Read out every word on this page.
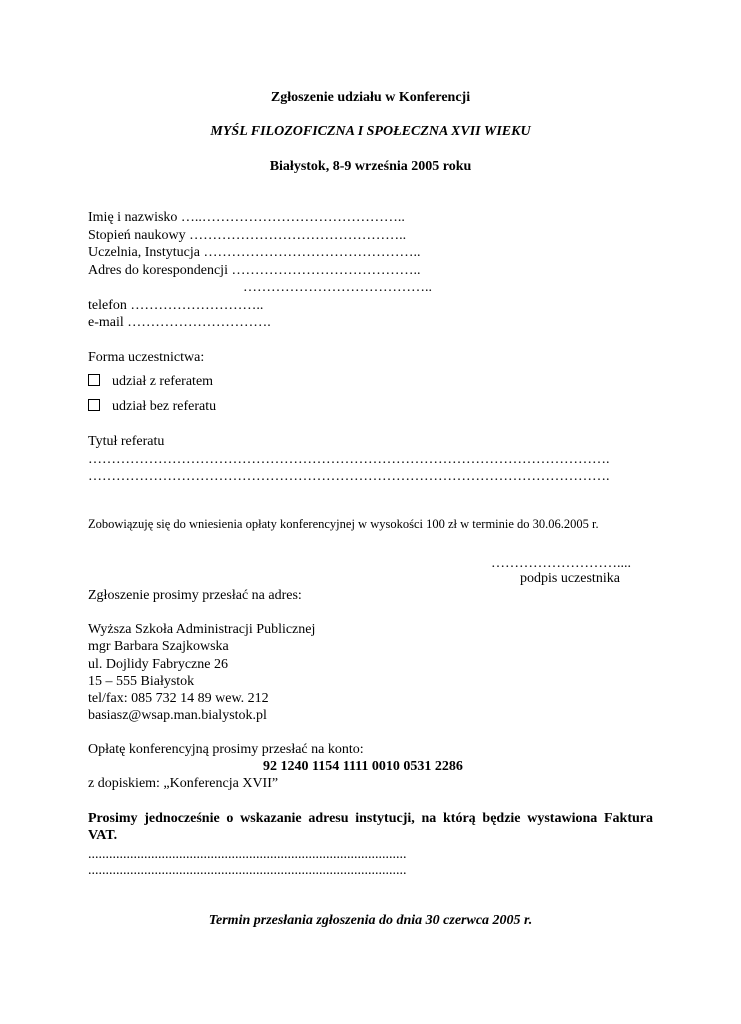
Zgłoszenie udziału w Konferencji
MYŚL FILOZOFICZNA I SPOŁECZNA XVII WIEKU
Białystok, 8-9 września 2005 roku
Imię i nazwisko …..……………………………………..
Stopień naukowy ………………………………………..
Uczelnia, Instytucja ………………………………………..
Adres do korespondencji …………………………………..
…………………………………..
telefon ………………………..
e-mail ………………………….
Forma uczestnictwa:
udział z referatem
udział bez referatu
Tytuł referatu
………………………………………………………………………………………………….
………………………………………………………………………………………………….
Zobowiązuję się do wniesienia opłaty konferencyjnej w wysokości 100 zł w terminie do 30.06.2005 r.
………………………....
podpis uczestnika
Zgłoszenie prosimy przesłać na adres:
Wyższa Szkoła Administracji Publicznej
mgr Barbara Szajkowska
ul. Dojlidy Fabryczne 26
15 – 555 Białystok
tel/fax: 085 732 14 89 wew. 212
basiasz@wsap.man.bialystok.pl
Opłatę konferencyjną prosimy przesłać na konto:
92 1240 1154 1111 0010 0531 2286
z dopiskiem: „Konferencja XVII”
Prosimy jednocześnie o wskazanie adresu instytucji, na którą będzie wystawiona Faktura VAT.
...........................................................................................
...........................................................................................
Termin przesłania zgłoszenia do dnia 30 czerwca 2005 r.
